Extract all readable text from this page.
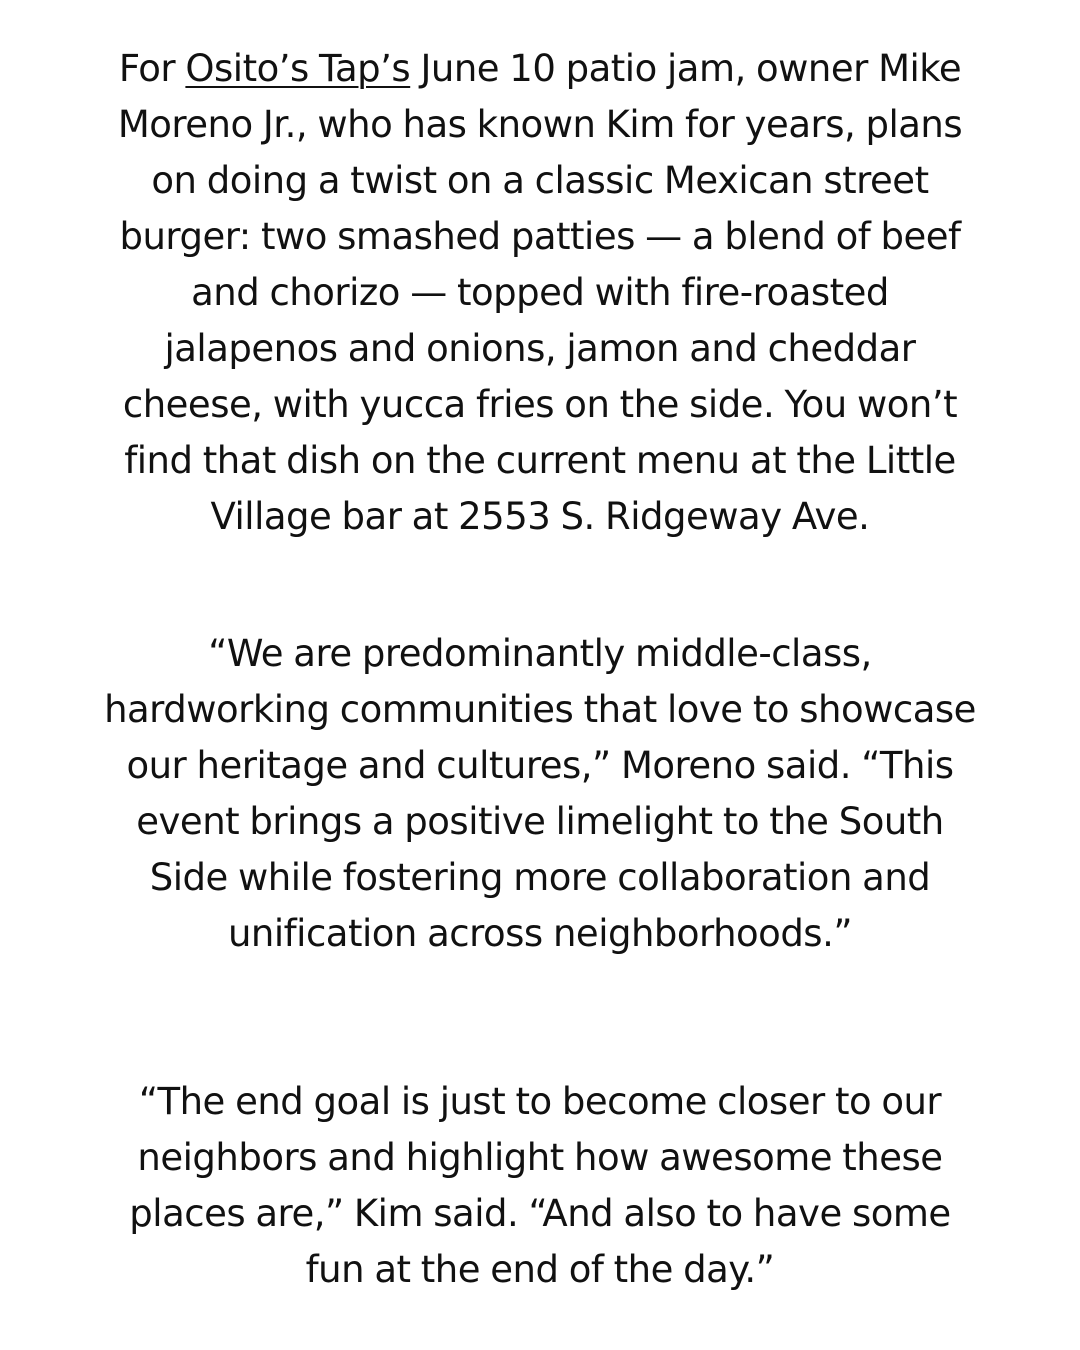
For Osito’s Tap’s June 10 patio jam, owner Mike Moreno Jr., who has known Kim for years, plans on doing a twist on a classic Mexican street burger: two smashed patties — a blend of beef and chorizo — topped with fire-roasted jalapenos and onions, jamon and cheddar cheese, with yucca fries on the side. You won’t find that dish on the current menu at the Little Village bar at 2553 S. Ridgeway Ave.

“We are predominantly middle-class, hardworking communities that love to showcase our heritage and cultures,” Moreno said. “This event brings a positive limelight to the South Side while fostering more collaboration and unification across neighborhoods.”

“The end goal is just to become closer to our neighbors and highlight how awesome these places are,” Kim said. “And also to have some fun at the end of the day.”
